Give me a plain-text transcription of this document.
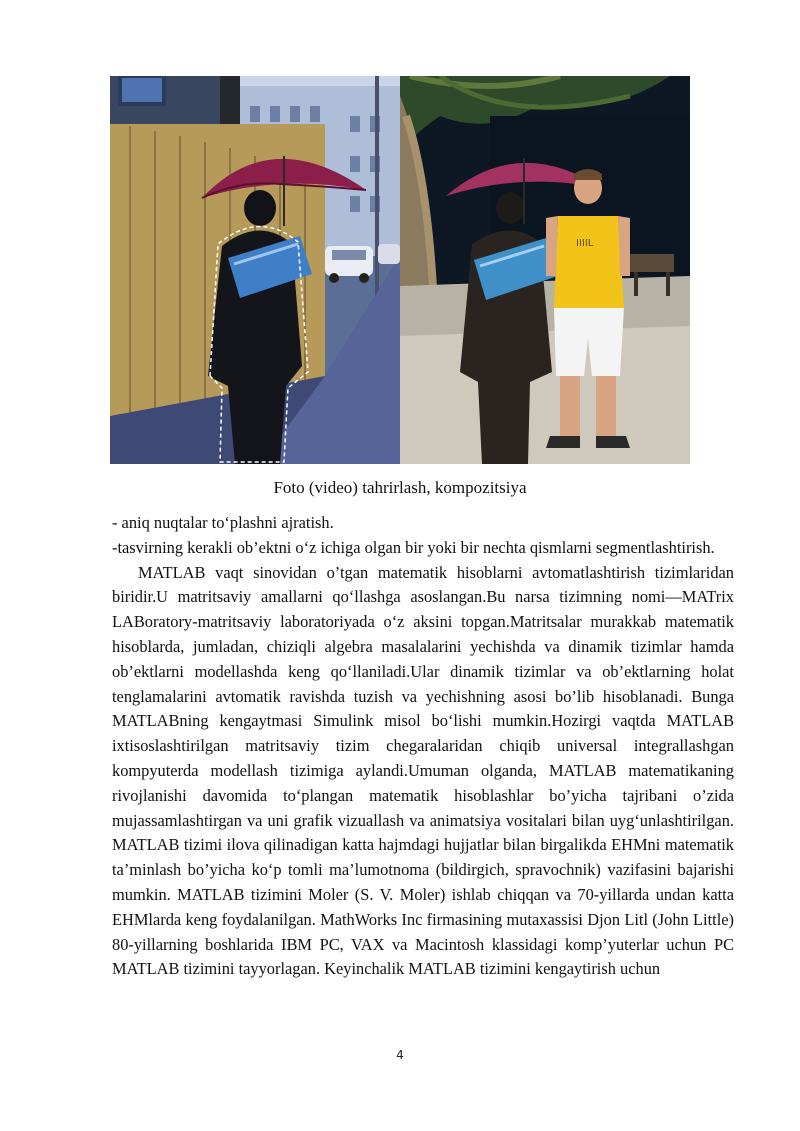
IIIIL
Foto (video) tahrirlash, kompozitsiya

- aniq nuqtalar to‘plashni ajratish.

-tasvirning kerakli ob’ektni o‘z ichiga olgan bir yoki bir nechta qismlarni segmentlashtirish.

MATLAB vaqt sinovidan o’tgan matematik hisoblarni avtomatlashtirish tizimlaridan biridir.U matritsaviy amallarni qo‘llashga asoslangan.Bu narsa tizimning nomi—MATrix LABoratory-matritsaviy laboratoriyada o‘z aksini topgan.Matritsalar murakkab matematik hisoblarda, jumladan, chiziqli algebra masalalarini yechishda va dinamik tizimlar hamda ob’ektlarni modellashda keng qo‘llaniladi.Ular dinamik tizimlar va ob’ektlarning holat tenglamalarini avtomatik ravishda tuzish va yechishning asosi bo’lib hisoblanadi. Bunga MATLABning kengaytmasi Simulink misol bo‘lishi mumkin.Hozirgi vaqtda MATLAB ixtisoslashtirilgan matritsaviy tizim chegaralaridan chiqib universal integrallashgan kompyuterda modellash tizimiga aylandi.Umuman olganda, MATLAB matematikaning rivojlanishi davomida to‘plangan matematik hisoblashlar bo’yicha tajribani o’zida mujassamlashtirgan va uni grafik vizuallash va animatsiya vositalari bilan uyg‘unlashtirilgan. MATLAB tizimi ilova qilinadigan katta hajmdagi hujjatlar bilan birgalikda EHMni matematik ta’minlash bo’yicha ko‘p tomli ma’lumotnoma (bildirgich, spravochnik) vazifasini bajarishi mumkin. MATLAB tizimini Moler (S. V. Moler) ishlab chiqqan va 70-yillarda undan katta EHMlarda keng foydalanilgan. MathWorks Inc firmasining mutaxassisi Djon Litl (John Little) 80-yillarning boshlarida IBM PC, VAX va Macintosh klassidagi komp’yuterlar uchun PC MATLAB tizimini tayyorlagan. Keyinchalik MATLAB tizimini kengaytirish uchun

4
